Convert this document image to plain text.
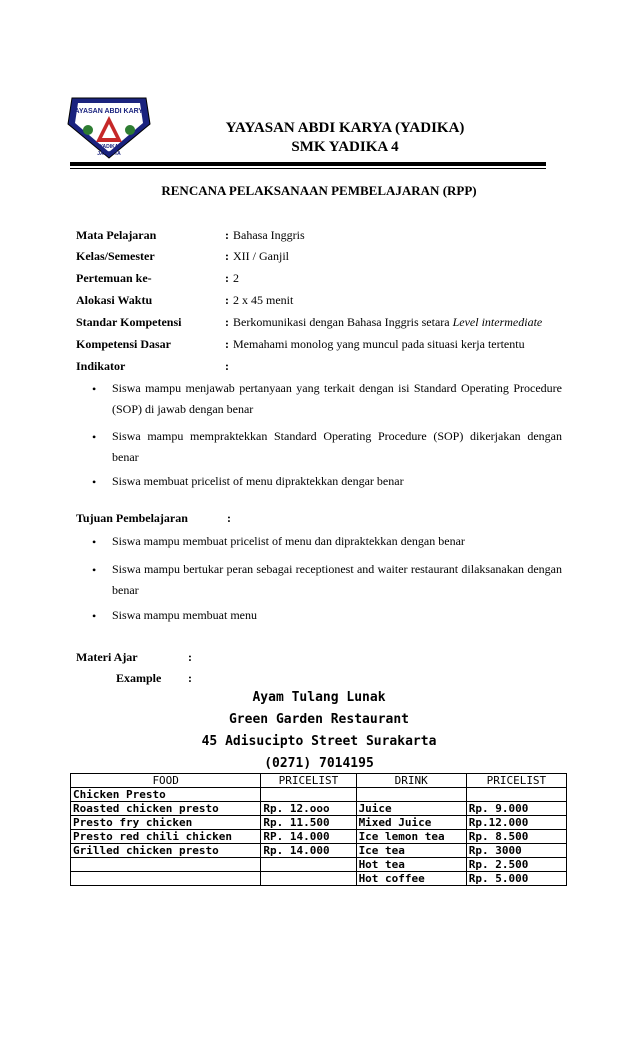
YAYASAN ABDI KARYA
YADIKA
JAKARTA
YAYASAN ABDI KARYA (YADIKA)
SMK YADIKA 4
RENCANA PELAKSANAAN PEMBELAJARAN (RPP)
Mata Pelajaran	: Bahasa Inggris
Kelas/Semester	: XII / Ganjil
Pertemuan ke-	: 2
Alokasi Waktu	: 2 x 45 menit
Standar Kompetensi	: Berkomunikasi dengan Bahasa Inggris setara Level intermediate
Kompetensi Dasar	: Memahami monolog yang muncul pada situasi kerja tertentu
Indikator	:
• Siswa mampu menjawab pertanyaan yang terkait dengan isi Standard Operating Procedure (SOP) di jawab dengan benar
• Siswa mampu mempraktekkan Standard Operating Procedure (SOP) dikerjakan dengan benar
• Siswa membuat pricelist of menu dipraktekkan dengar benar
Tujuan Pembelajaran	:
• Siswa mampu membuat pricelist of menu dan dipraktekkan dengan benar
• Siswa mampu bertukar peran sebagai receptionest and waiter restaurant dilaksanakan dengan benar
• Siswa mampu membuat menu
Materi Ajar	:
Example :
Ayam Tulang Lunak
Green Garden Restaurant
45 Adisucipto Street Surakarta
(0271) 7014195
FOOD	PRICELIST	DRINK	PRICELIST
Chicken Presto			
Roasted chicken presto	Rp. 12.ooo	Juice	Rp. 9.000
Presto fry chicken	Rp. 11.500	Mixed Juice	Rp.12.000
Presto red chili chicken	RP. 14.000	Ice lemon tea	Rp. 8.500
Grilled chicken presto	Rp. 14.000	Ice tea	Rp. 3000
		Hot tea	Rp. 2.500
		Hot coffee	Rp. 5.000
